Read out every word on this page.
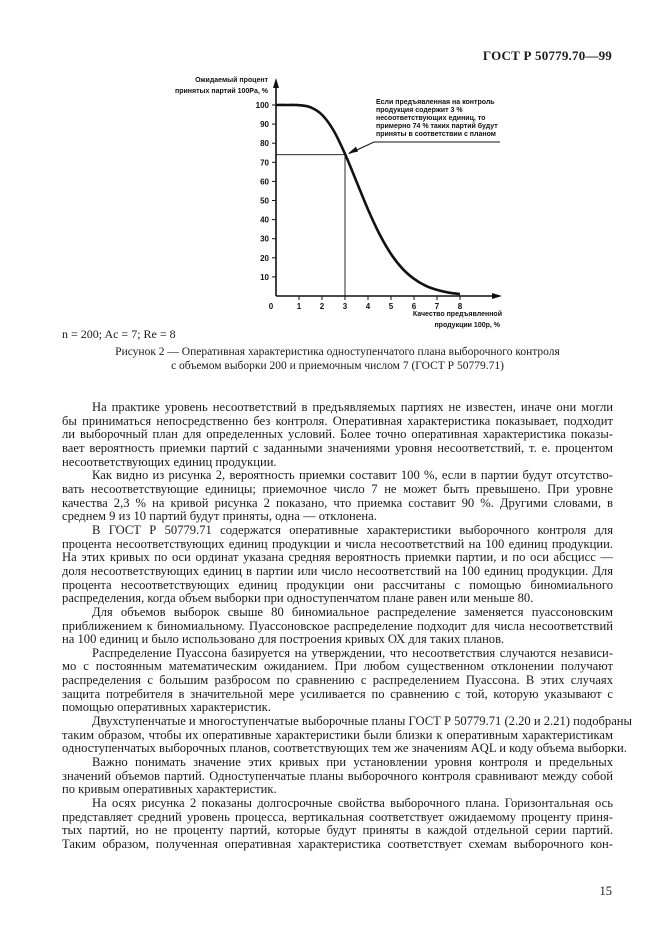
ГОСТ Р 50779.70—99
10
20
30
40
50
60
70
80
90
100
0	1 2 3 4 5 6 7 8
Ожидаемый процент
принятых партий 100Pa, %
Качество предъявленной
продукции 100p, %
Если предъявленная на контроль
продукция содержит 3 %
несоответствующих единиц, то
примерно 74 % таких партий будут
приняты в соответствии с планом
n = 200; Ac = 7; Re = 8
Рисунок 2 — Оперативная характеристика одноступенчатого плана выборочного контроля
с объемом выборки 200 и приемочным числом 7 (ГОСТ Р 50779.71)
На практике уровень несоответствий в предъявляемых партиях не известен, иначе они могли
бы приниматься непосредственно без контроля. Оперативная характеристика показывает, подходит
ли выборочный план для определенных условий. Более точно оперативная характеристика показы-
вает вероятность приемки партий с заданными значениями уровня несоответствий, т. е. процентом
несоответствующих единиц продукции.
Как видно из рисунка 2, вероятность приемки составит 100 %, если в партии будут отсутство-
вать несоответствующие единицы; приемочное число 7 не может быть превышено. При уровне
качества 2,3 % на кривой рисунка 2 показано, что приемка составит 90 %. Другими словами, в
среднем 9 из 10 партий будут приняты, одна — отклонена.
В ГОСТ Р 50779.71 содержатся оперативные характеристики выборочного контроля для
процента несоответствующих единиц продукции и числа несоответствий на 100 единиц продукции.
На этих кривых по оси ординат указана средняя вероятность приемки партии, и по оси абсцисс —
доля несоответствующих единиц в партии или число несоответствий на 100 единиц продукции. Для
процента несоответствующих единиц продукции они рассчитаны с помощью биномиального
распределения, когда объем выборки при одноступенчатом плане равен или меньше 80.
Для объемов выборок свыше 80 биномиальное распределение заменяется пуассоновским
приближением к биномиальному. Пуассоновское распределение подходит для числа несоответствий
на 100 единиц и было использовано для построения кривых ОХ для таких планов.
Распределение Пуассона базируется на утверждении, что несоответствия случаются независи-
мо с постоянным математическим ожиданием. При любом существенном отклонении получают
распределения с большим разбросом по сравнению с распределением Пуассона. В этих случаях
защита потребителя в значительной мере усиливается по сравнению с той, которую указывают с
помощью оперативных характеристик.
Двухступенчатые и многоступенчатые выборочные планы ГОСТ Р 50779.71 (2.20 и 2.21) подобраны
таким образом, чтобы их оперативные характеристики были близки к оперативным характеристикам
одноступенчатых выборочных планов, соответствующих тем же значениям AQL и коду объема выборки.
Важно понимать значение этих кривых при установлении уровня контроля и предельных
значений объемов партий. Одноступенчатые планы выборочного контроля сравнивают между собой
по кривым оперативных характеристик.
На осях рисунка 2 показаны долгосрочные свойства выборочного плана. Горизонтальная ось
представляет средний уровень процесса, вертикальная соответствует ожидаемому проценту приня-
тых партий, но не проценту партий, которые будут приняты в каждой отдельной серии партий.
Таким образом, полученная оперативная характеристика соответствует схемам выборочного кон-
15
